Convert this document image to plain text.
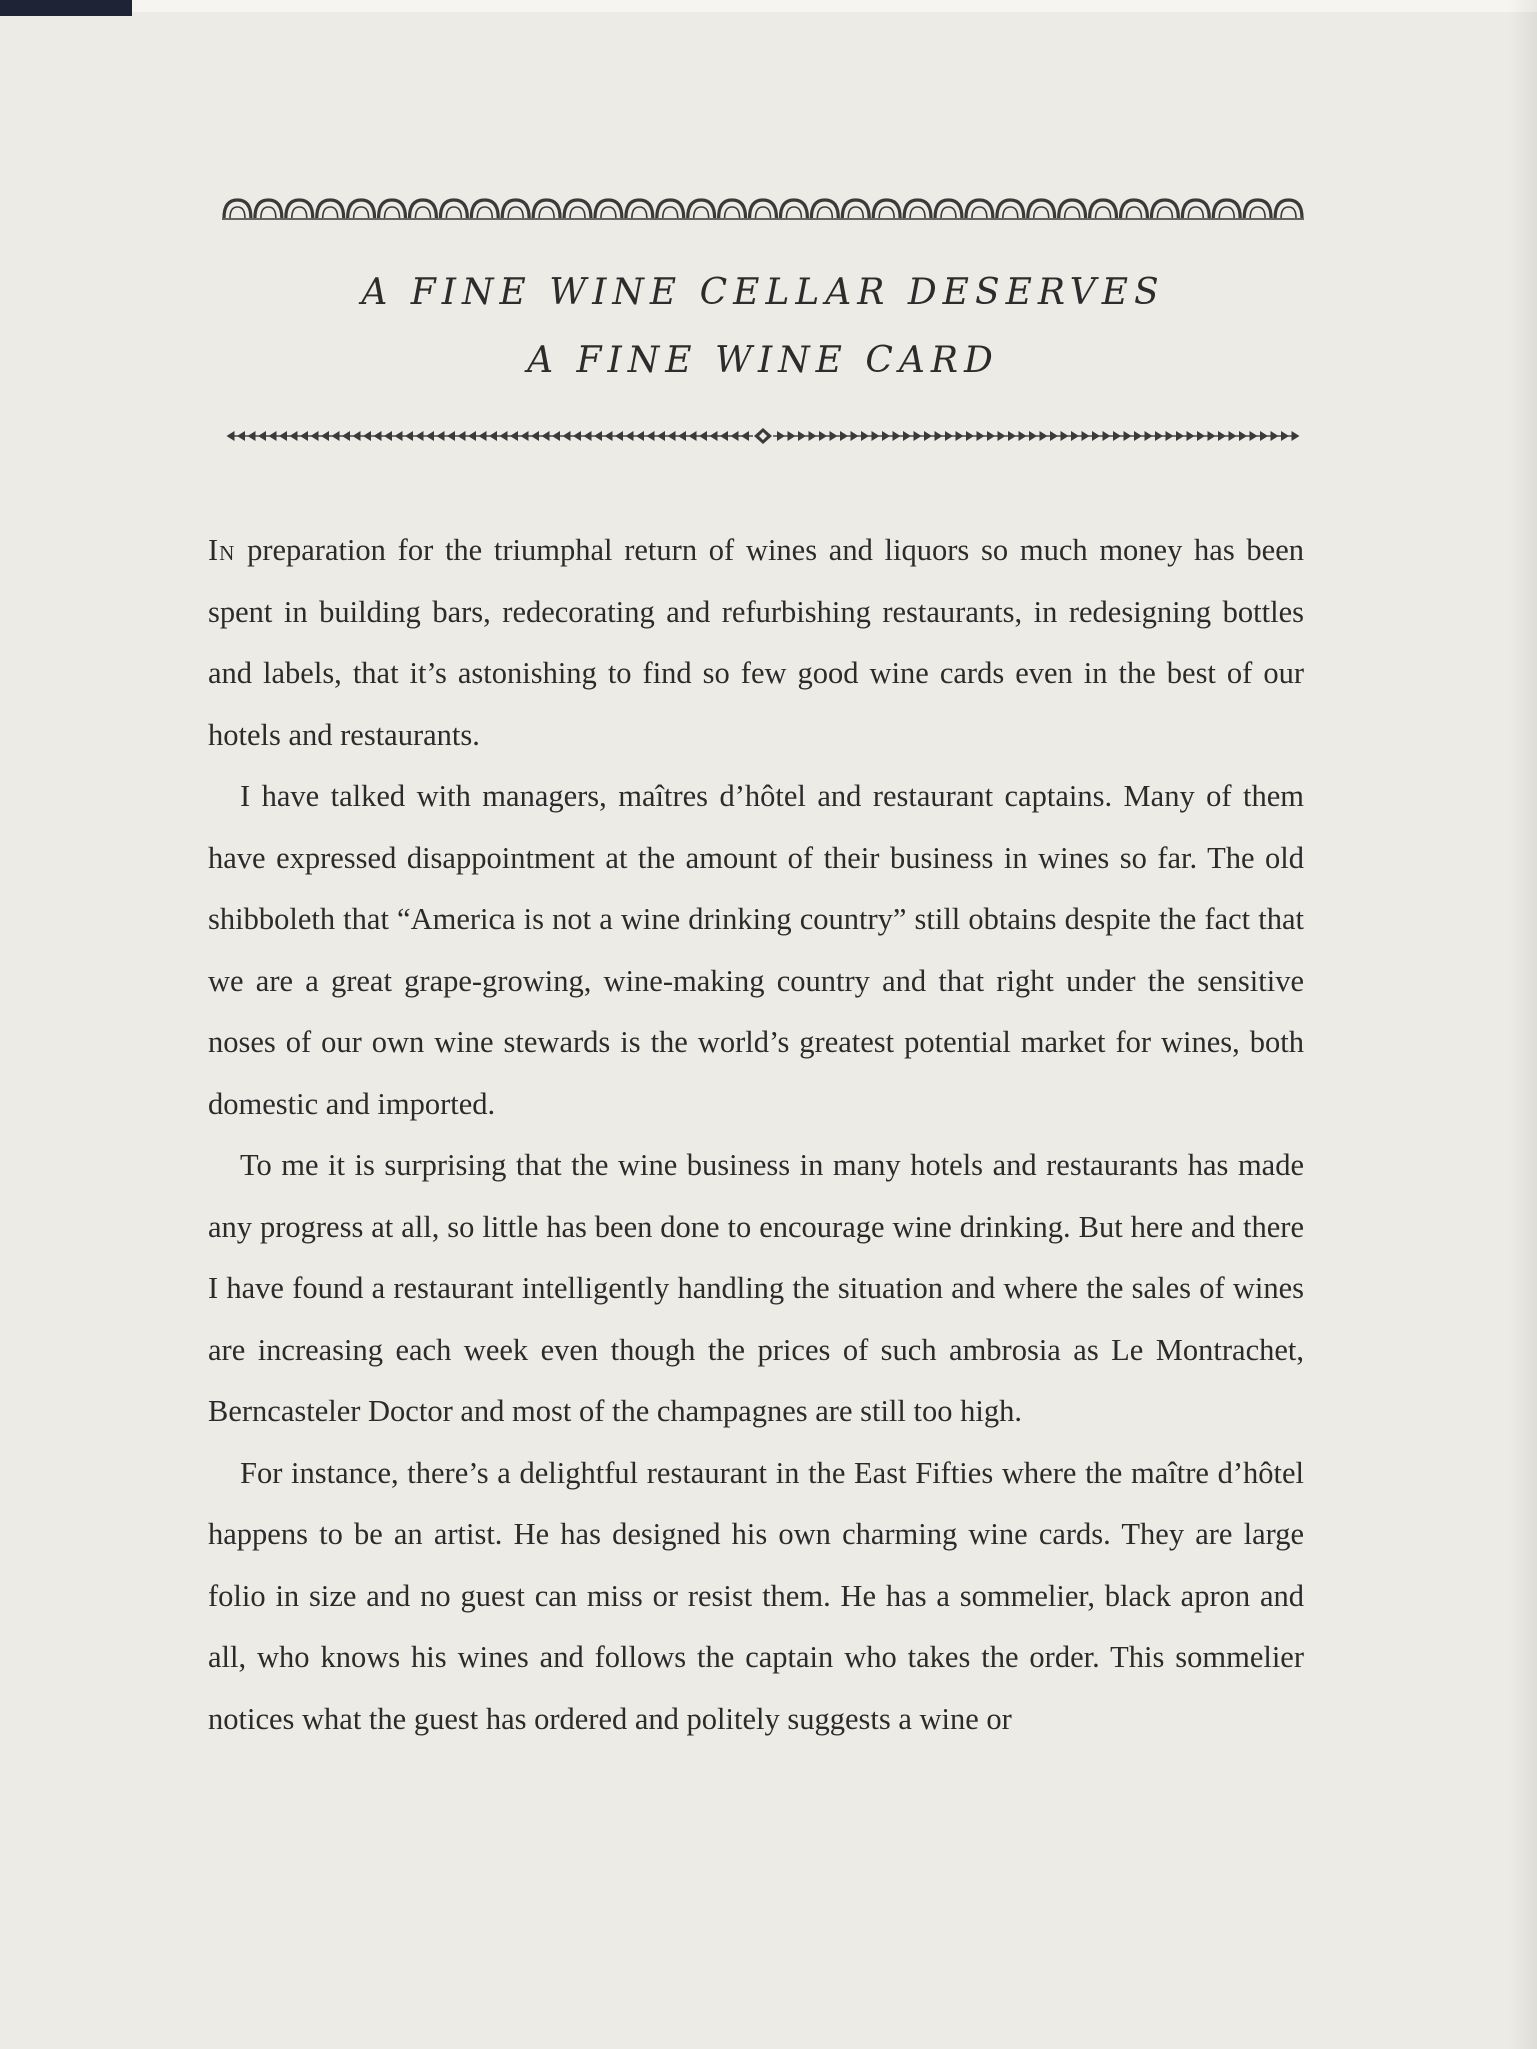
A FINE WINE CELLAR DESERVES
A FINE WINE CARD

In preparation for the triumphal return of wines and liquors so much money has been spent in building bars, redecorating and refurbishing restaurants, in redesigning bottles and labels, that it’s astonishing to find so few good wine cards even in the best of our hotels and restaurants.

I have talked with managers, maîtres d’hôtel and restaurant captains. Many of them have expressed disappointment at the amount of their business in wines so far. The old shibboleth that “America is not a wine drinking country” still obtains despite the fact that we are a great grape-growing, wine-making country and that right under the sensitive noses of our own wine stewards is the world’s greatest potential market for wines, both domestic and imported.

To me it is surprising that the wine business in many hotels and restaurants has made any progress at all, so little has been done to encourage wine drinking. But here and there I have found a restaurant intelligently handling the situation and where the sales of wines are increasing each week even though the prices of such ambrosia as Le Montrachet, Berncasteler Doctor and most of the champagnes are still too high.

For instance, there’s a delightful restaurant in the East Fifties where the maître d’hôtel happens to be an artist. He has designed his own charming wine cards. They are large folio in size and no guest can miss or resist them. He has a sommelier, black apron and all, who knows his wines and follows the captain who takes the order. This sommelier notices what the guest has ordered and politely suggests a wine or
